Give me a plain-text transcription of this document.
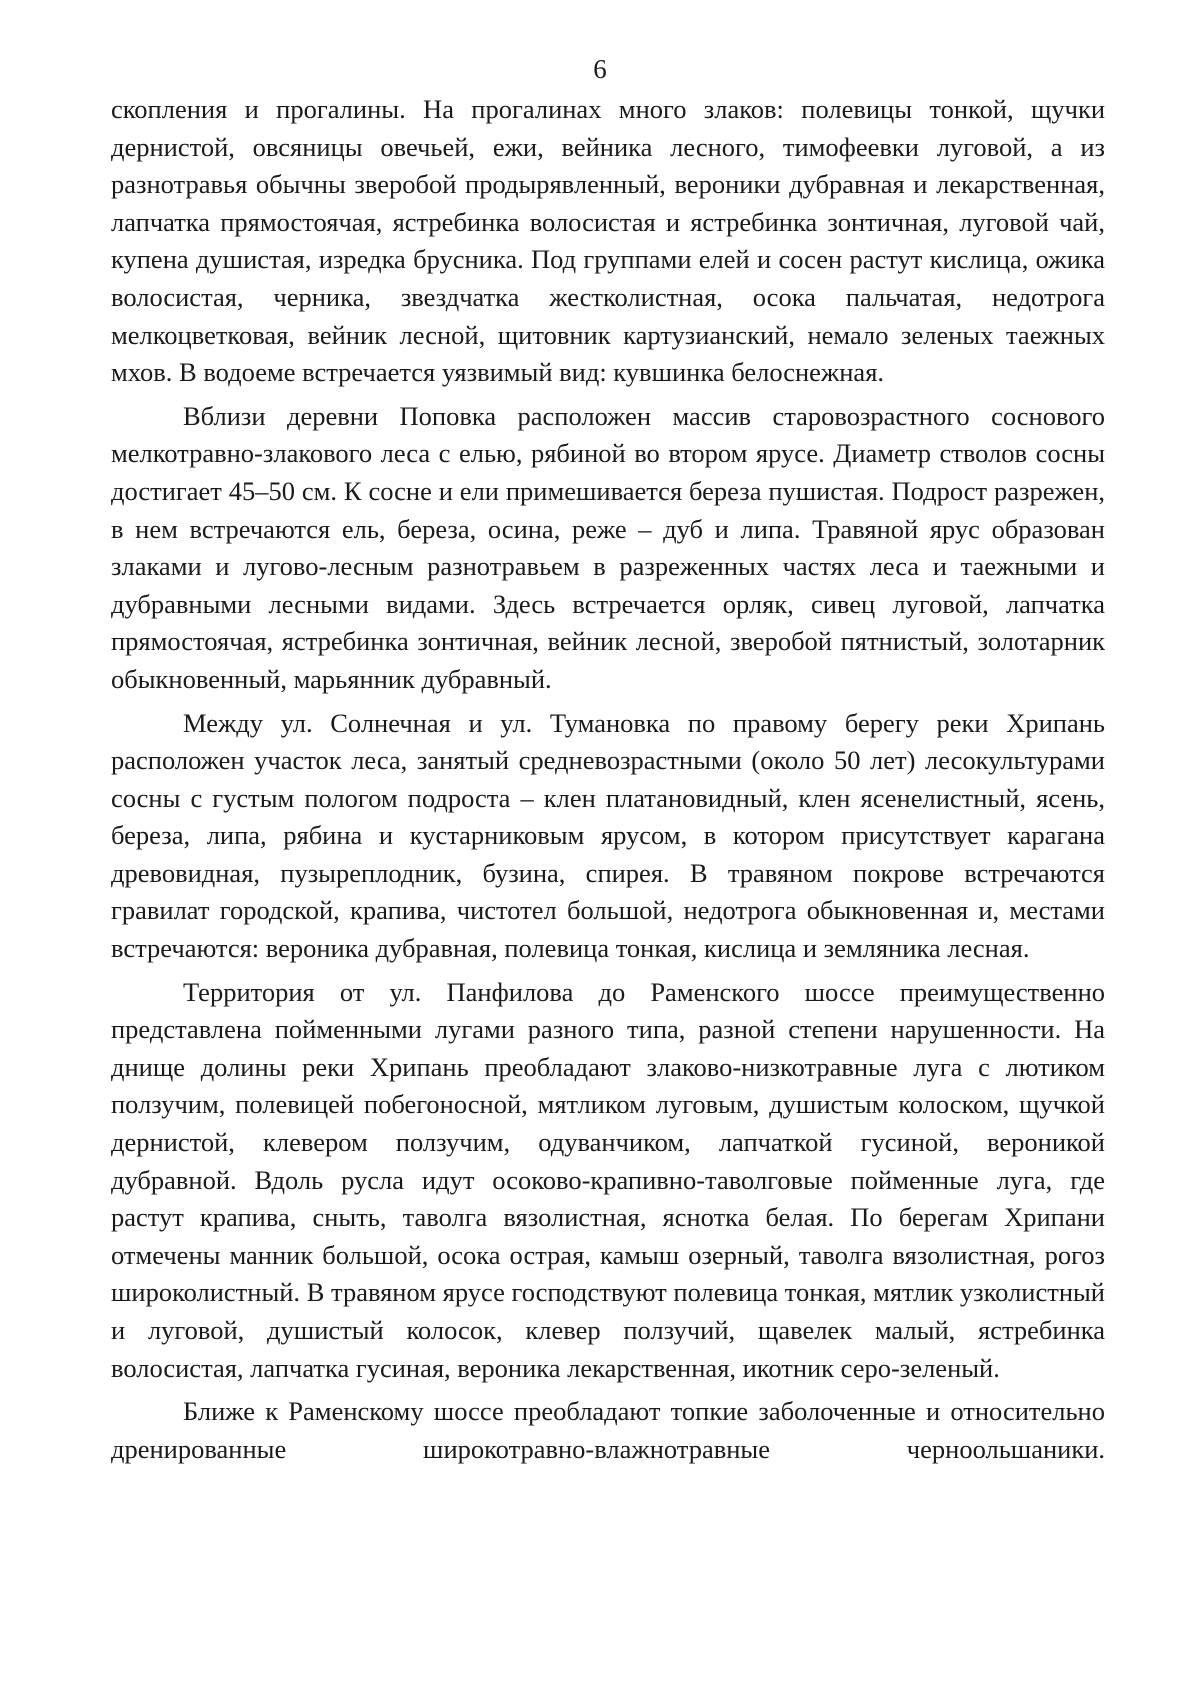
6

скопления и прогалины. На прогалинах много злаков: полевицы тонкой, щучки дернистой, овсяницы овечьей, ежи, вейника лесного, тимофеевки луговой, а из разнотравья обычны зверобой продырявленный, вероники дубравная и лекарственная, лапчатка прямостоячая, ястребинка волосистая и ястребинка зонтичная, луговой чай, купена душистая, изредка брусника. Под группами елей и сосен растут кислица, ожика волосистая, черника, звездчатка жестколистная, осока пальчатая, недотрога мелкоцветковая, вейник лесной, щитовник картузианский, немало зеленых таежных мхов. В водоеме встречается уязвимый вид: кувшинка белоснежная.

Вблизи деревни Поповка расположен массив старовозрастного соснового мелкотравно-злакового леса с елью, рябиной во втором ярусе. Диаметр стволов сосны достигает 45–50 см. К сосне и ели примешивается береза пушистая. Подрост разрежен, в нем встречаются ель, береза, осина, реже – дуб и липа. Травяной ярус образован злаками и лугово-лесным разнотравьем в разреженных частях леса и таежными и дубравными лесными видами. Здесь встречается орляк, сивец луговой, лапчатка прямостоячая, ястребинка зонтичная, вейник лесной, зверобой пятнистый, золотарник обыкновенный, марьянник дубравный.

Между ул. Солнечная и ул. Тумановка по правому берегу реки Хрипань расположен участок леса, занятый средневозрастными (около 50 лет) лесокультурами сосны с густым пологом подроста – клен платановидный, клен ясенелистный, ясень, береза, липа, рябина и кустарниковым ярусом, в котором присутствует карагана древовидная, пузыреплодник, бузина, спирея. В травяном покрове встречаются гравилат городской, крапива, чистотел большой, недотрога обыкновенная и, местами встречаются: вероника дубравная, полевица тонкая, кислица и земляника лесная.

Территория от ул. Панфилова до Раменского шоссе преимущественно представлена пойменными лугами разного типа, разной степени нарушенности. На днище долины реки Хрипань преобладают злаково-низкотравные луга с лютиком ползучим, полевицей побегоносной, мятликом луговым, душистым колоском, щучкой дернистой, клевером ползучим, одуванчиком, лапчаткой гусиной, вероникой дубравной. Вдоль русла идут осоково-крапивно-таволговые пойменные луга, где растут крапива, сныть, таволга вязолистная, яснотка белая. По берегам Хрипани отмечены манник большой, осока острая, камыш озерный, таволга вязолистная, рогоз широколистный. В травяном ярусе господствуют полевица тонкая, мятлик узколистный и луговой, душистый колосок, клевер ползучий, щавелек малый, ястребинка волосистая, лапчатка гусиная, вероника лекарственная, икотник серо-зеленый.

Ближе к Раменскому шоссе преобладают топкие заболоченные и относительно дренированные широкотравно-влажнотравные черноольшаники.
